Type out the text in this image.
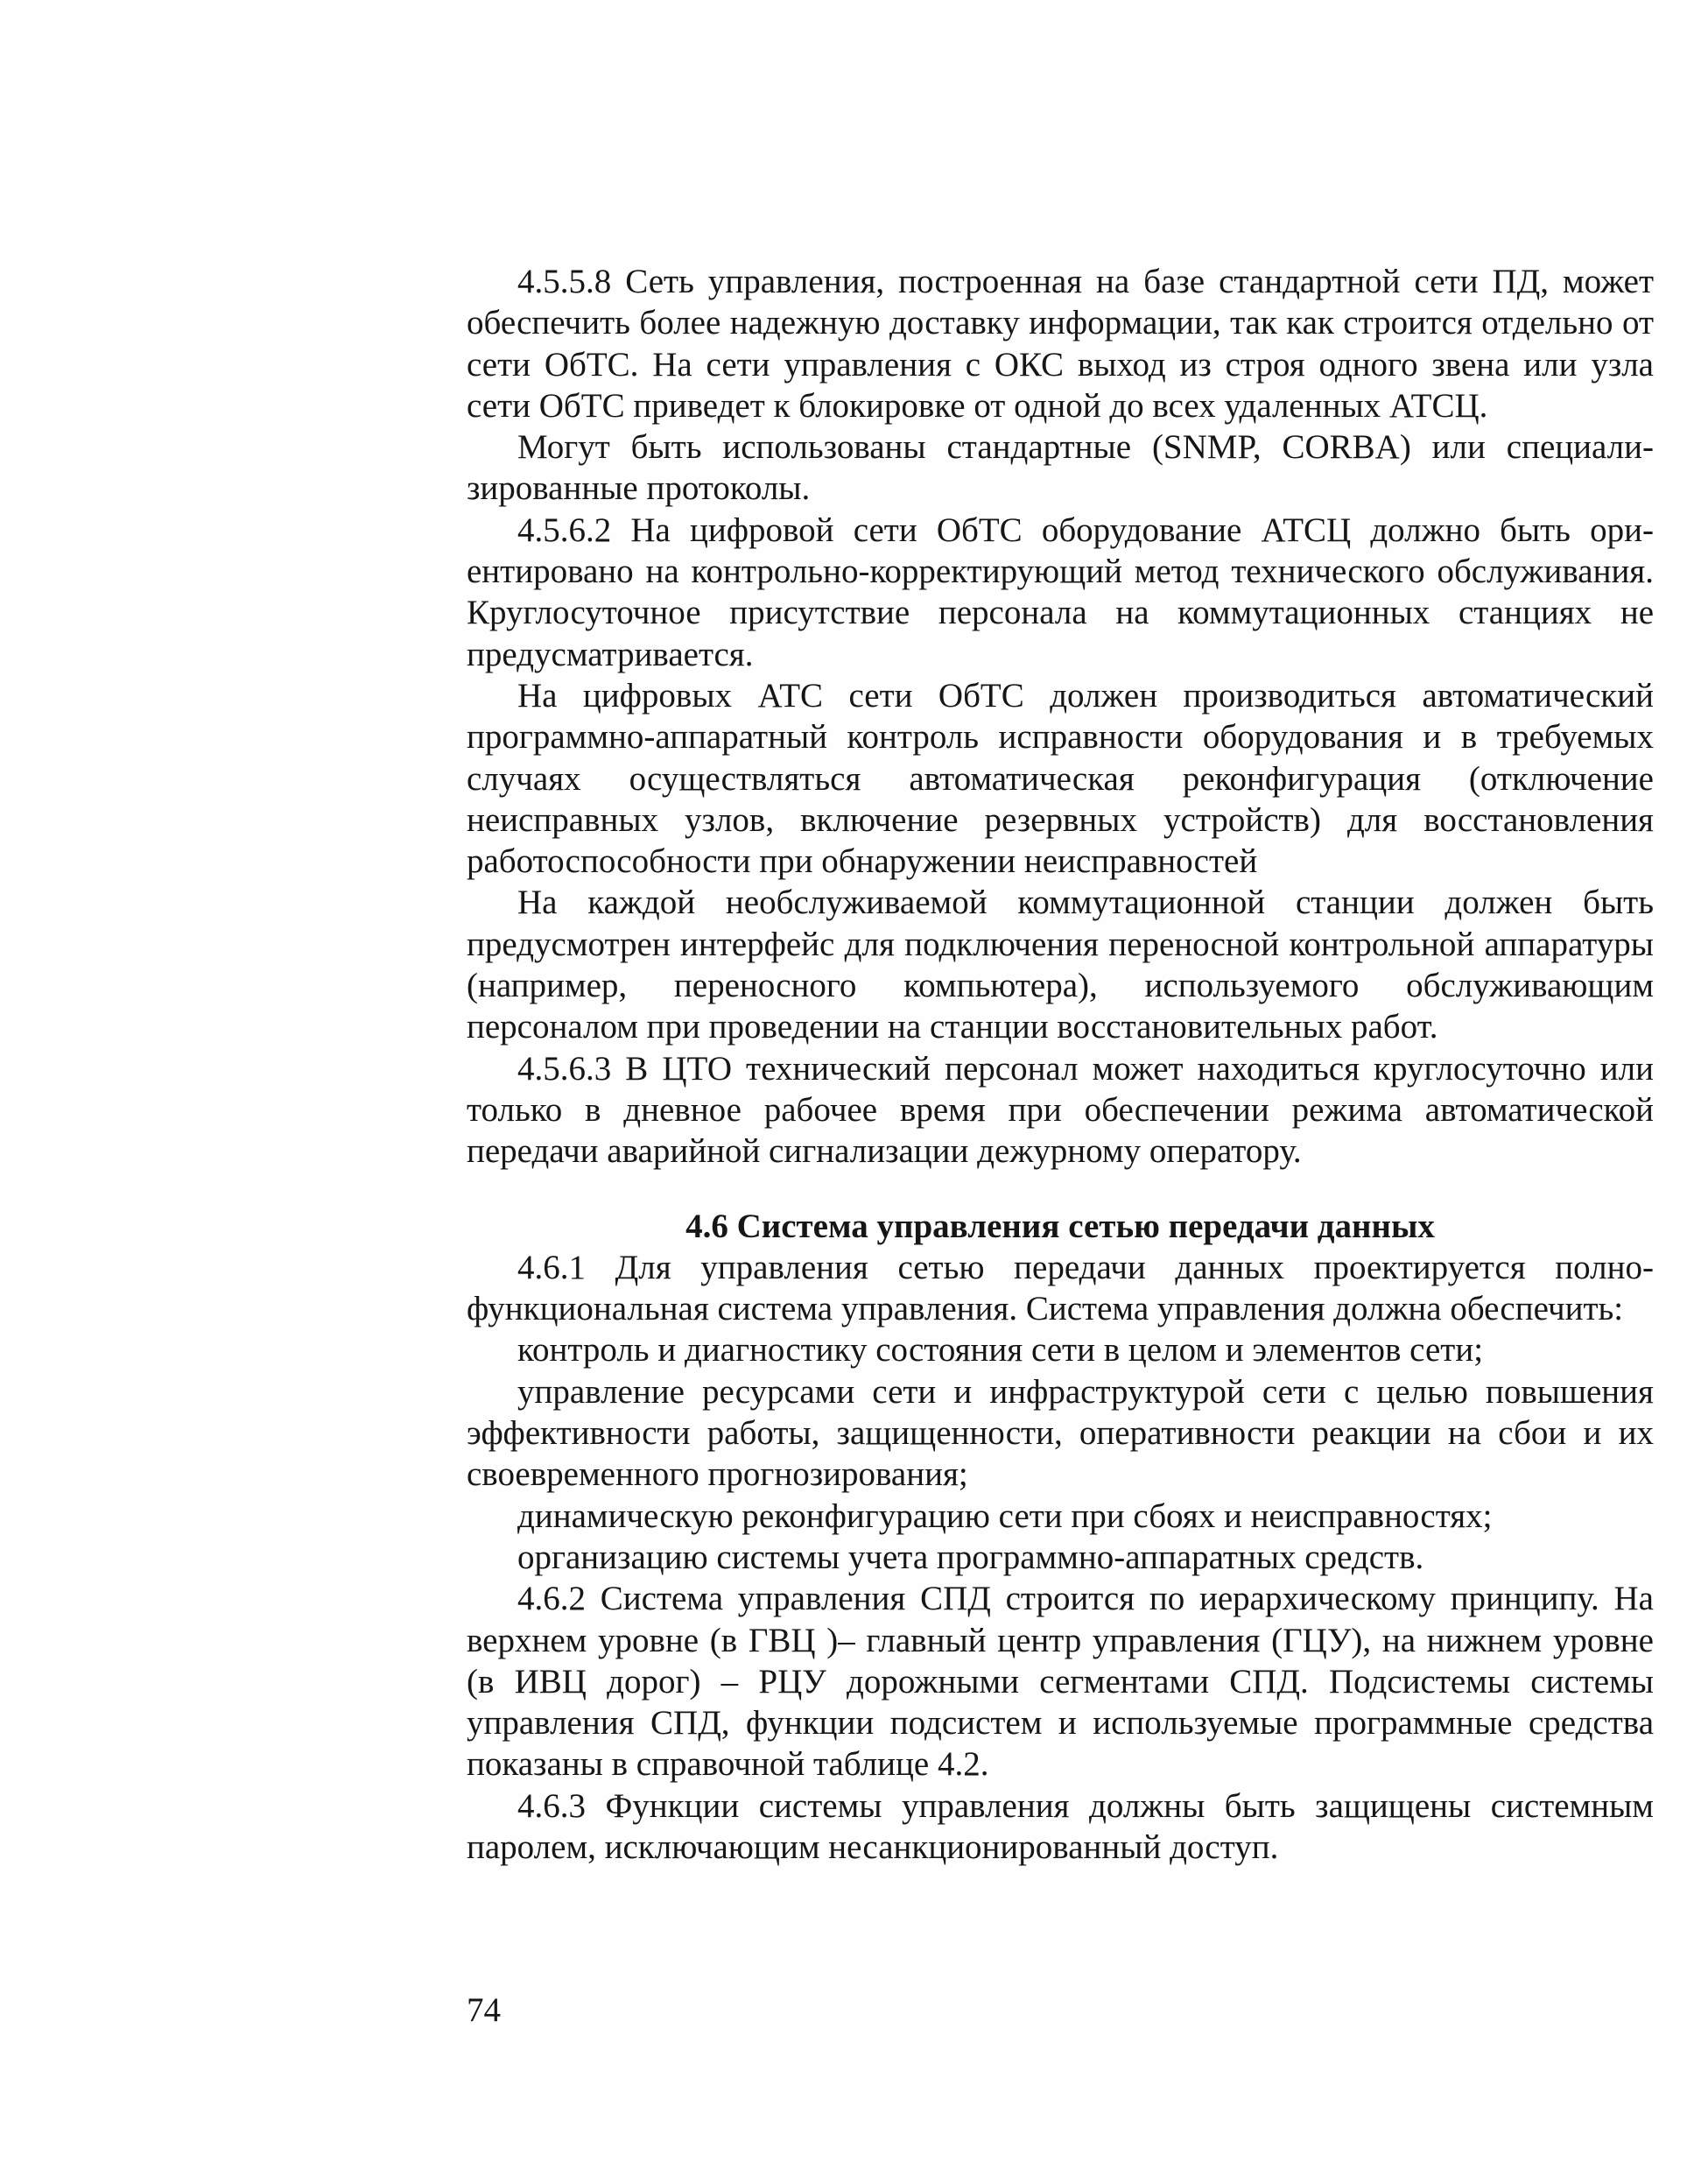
4.5.5.8 Сеть управления, построенная на базе стандартной сети ПД, может обеспечить более надежную доставку информации, так как строится отдельно от сети ОбТС. На сети управления с ОКС выход из строя одного звена или узла сети ОбТС приведет к блокировке от одной до всех удаленных АТСЦ.

Могут быть использованы стандартные (SNMP, CORBA) или специализированные протоколы.

4.5.6.2 На цифровой сети ОбТС оборудование АТСЦ должно быть ориентировано на контрольно-корректирующий метод технического обслуживания. Круглосуточное присутствие персонала на коммутационных станциях не предусматривается.

На цифровых АТС сети ОбТС должен производиться автоматический программно-аппаратный контроль исправности оборудования и в требуемых случаях осуществляться автоматическая реконфигурация (отключение неисправных узлов, включение резервных устройств) для восстановления работоспособности при обнаружении неисправностей

На каждой необслуживаемой коммутационной станции должен быть предусмотрен интерфейс для подключения переносной контрольной аппаратуры (например, переносного компьютера), используемого обслуживающим персоналом при проведении на станции восстановительных работ.

4.5.6.3 В ЦТО технический персонал может находиться круглосуточно или только в дневное рабочее время при обеспечении режима автоматической передачи аварийной сигнализации дежурному оператору.

4.6 Система управления сетью передачи данных

4.6.1 Для управления сетью передачи данных проектируется полнофункциональная система управления. Система управления должна обеспечить:

контроль и диагностику состояния сети в целом и элементов сети;

управление ресурсами сети и инфраструктурой сети с целью повышения эффективности работы, защищенности, оперативности реакции на сбои и их своевременного прогнозирования;

динамическую реконфигурацию сети при сбоях и неисправностях;

организацию системы учета программно-аппаратных средств.

4.6.2 Система управления СПД строится по иерархическому принципу. На верхнем уровне (в ГВЦ )– главный центр управления (ГЦУ), на нижнем уровне (в ИВЦ дорог) – РЦУ дорожными сегментами СПД. Подсистемы системы управления СПД, функции подсистем и используемые программные средства показаны в справочной таблице 4.2.

4.6.3 Функции системы управления должны быть защищены системным паролем, исключающим несанкционированный доступ.

74
